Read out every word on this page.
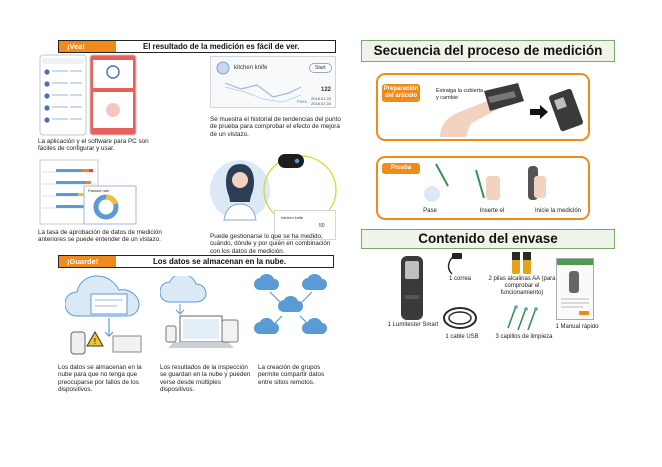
¡Vea!	El resultado de la medición es fácil de ver.
La aplicación y el software para PC son fáciles de configurar y usar.
kitchen knife	Start
122
Pass
2018.01.23
2018.02.03
Se muestra el historial de tendencias del punto de prueba para comprobar el efecto de mejora de un vistazo.
Passed rate
La tasa de aprobación de datos de medición anteriores se puede entender de un vistazo.
kitchen knife
50
Puede gestionarse lo que se ha medido, cuándo, dónde y por quién en combinación con los datos de medición.
¡Guarde!	Los datos se almacenan en la nube.
!
Los datos se almacenan en la nube para que no tenga que preocuparse por fallos de los dispositivos.
Los resultados de la inspección se guardan en la nube y pueden verse desde múltiples dispositivos.
La creación de grupos permite compartir datos entre sitios remotos.
Secuencia del proceso de medición
Preparación del artículo
Extraiga la cubierta y cambie
Prueba
Pase	Inserte el	Inicie la medición
Contenido del envase
1 Lumitester Smart
1 correa	2 pilas alcalinas AA (para comprobar el funcionamiento)
1 Manual rápido
1 cable USB	3 capillos de limpieza
